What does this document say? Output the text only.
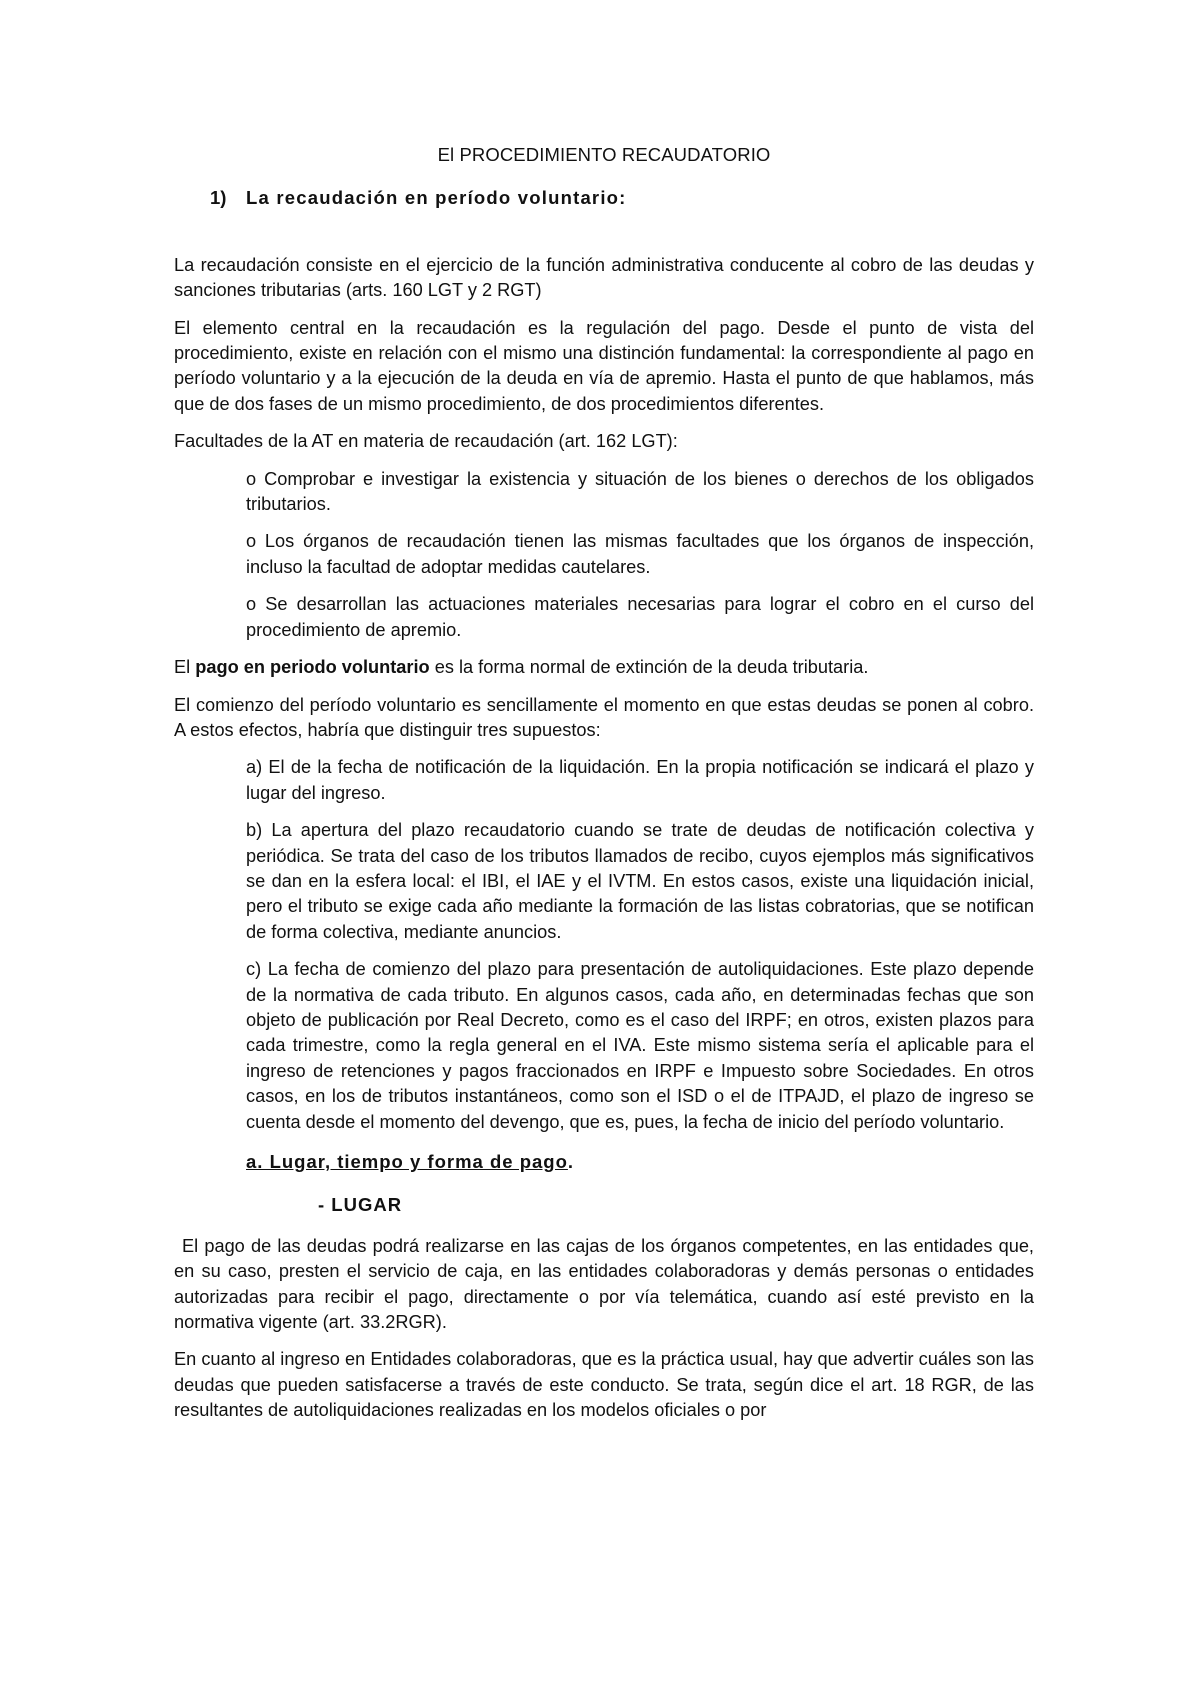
El PROCEDIMIENTO RECAUDATORIO
1) La recaudación en período voluntario:

La recaudación consiste en el ejercicio de la función administrativa conducente al cobro de las deudas y sanciones tributarias (arts. 160 LGT y 2 RGT)

El elemento central en la recaudación es la regulación del pago. Desde el punto de vista del procedimiento, existe en relación con el mismo una distinción fundamental: la correspondiente al pago en período voluntario y a la ejecución de la deuda en vía de apremio. Hasta el punto de que hablamos, más que de dos fases de un mismo procedimiento, de dos procedimientos diferentes.

Facultades de la AT en materia de recaudación (art. 162 LGT):

o Comprobar e investigar la existencia y situación de los bienes o derechos de los obligados tributarios.

o Los órganos de recaudación tienen las mismas facultades que los órganos de inspección, incluso la facultad de adoptar medidas cautelares.

o Se desarrollan las actuaciones materiales necesarias para lograr el cobro en el curso del procedimiento de apremio.

El pago en periodo voluntario es la forma normal de extinción de la deuda tributaria.

El comienzo del período voluntario es sencillamente el momento en que estas deudas se ponen al cobro. A estos efectos, habría que distinguir tres supuestos:

a) El de la fecha de notificación de la liquidación. En la propia notificación se indicará el plazo y lugar del ingreso.

b) La apertura del plazo recaudatorio cuando se trate de deudas de notificación colectiva y periódica. Se trata del caso de los tributos llamados de recibo, cuyos ejemplos más significativos se dan en la esfera local: el IBI, el IAE y el IVTM. En estos casos, existe una liquidación inicial, pero el tributo se exige cada año mediante la formación de las listas cobratorias, que se notifican de forma colectiva, mediante anuncios.

c) La fecha de comienzo del plazo para presentación de autoliquidaciones. Este plazo depende de la normativa de cada tributo. En algunos casos, cada año, en determinadas fechas que son objeto de publicación por Real Decreto, como es el caso del IRPF; en otros, existen plazos para cada trimestre, como la regla general en el IVA. Este mismo sistema sería el aplicable para el ingreso de retenciones y pagos fraccionados en IRPF e Impuesto sobre Sociedades. En otros casos, en los de tributos instantáneos, como son el ISD o el de ITPAJD, el plazo de ingreso se cuenta desde el momento del devengo, que es, pues, la fecha de inicio del período voluntario.

a. Lugar, tiempo y forma de pago.
- LUGAR

El pago de las deudas podrá realizarse en las cajas de los órganos competentes, en las entidades que, en su caso, presten el servicio de caja, en las entidades colaboradoras y demás personas o entidades autorizadas para recibir el pago, directamente o por vía telemática, cuando así esté previsto en la normativa vigente (art. 33.2RGR).

En cuanto al ingreso en Entidades colaboradoras, que es la práctica usual, hay que advertir cuáles son las deudas que pueden satisfacerse a través de este conducto. Se trata, según dice el art. 18 RGR, de las resultantes de autoliquidaciones realizadas en los modelos oficiales o por
